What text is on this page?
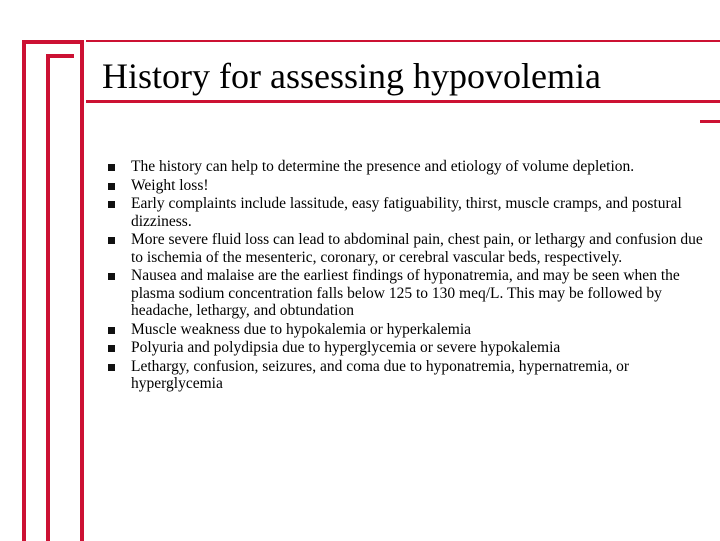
History for assessing hypovolemia
The history can help to determine the presence and etiology of volume depletion.
Weight loss!
Early complaints include lassitude, easy fatiguability, thirst, muscle cramps, and postural dizziness.
More severe fluid loss can lead to abdominal pain, chest pain, or lethargy and confusion due to ischemia of the mesenteric, coronary, or cerebral vascular beds, respectively.
Nausea and malaise are the earliest findings of hyponatremia, and may be seen when the plasma sodium concentration falls below 125 to 130 meq/L. This may be followed by headache, lethargy, and obtundation
Muscle weakness due to hypokalemia or hyperkalemia
Polyuria and polydipsia due to hyperglycemia or severe hypokalemia
Lethargy, confusion, seizures, and coma due to hyponatremia, hypernatremia, or hyperglycemia
